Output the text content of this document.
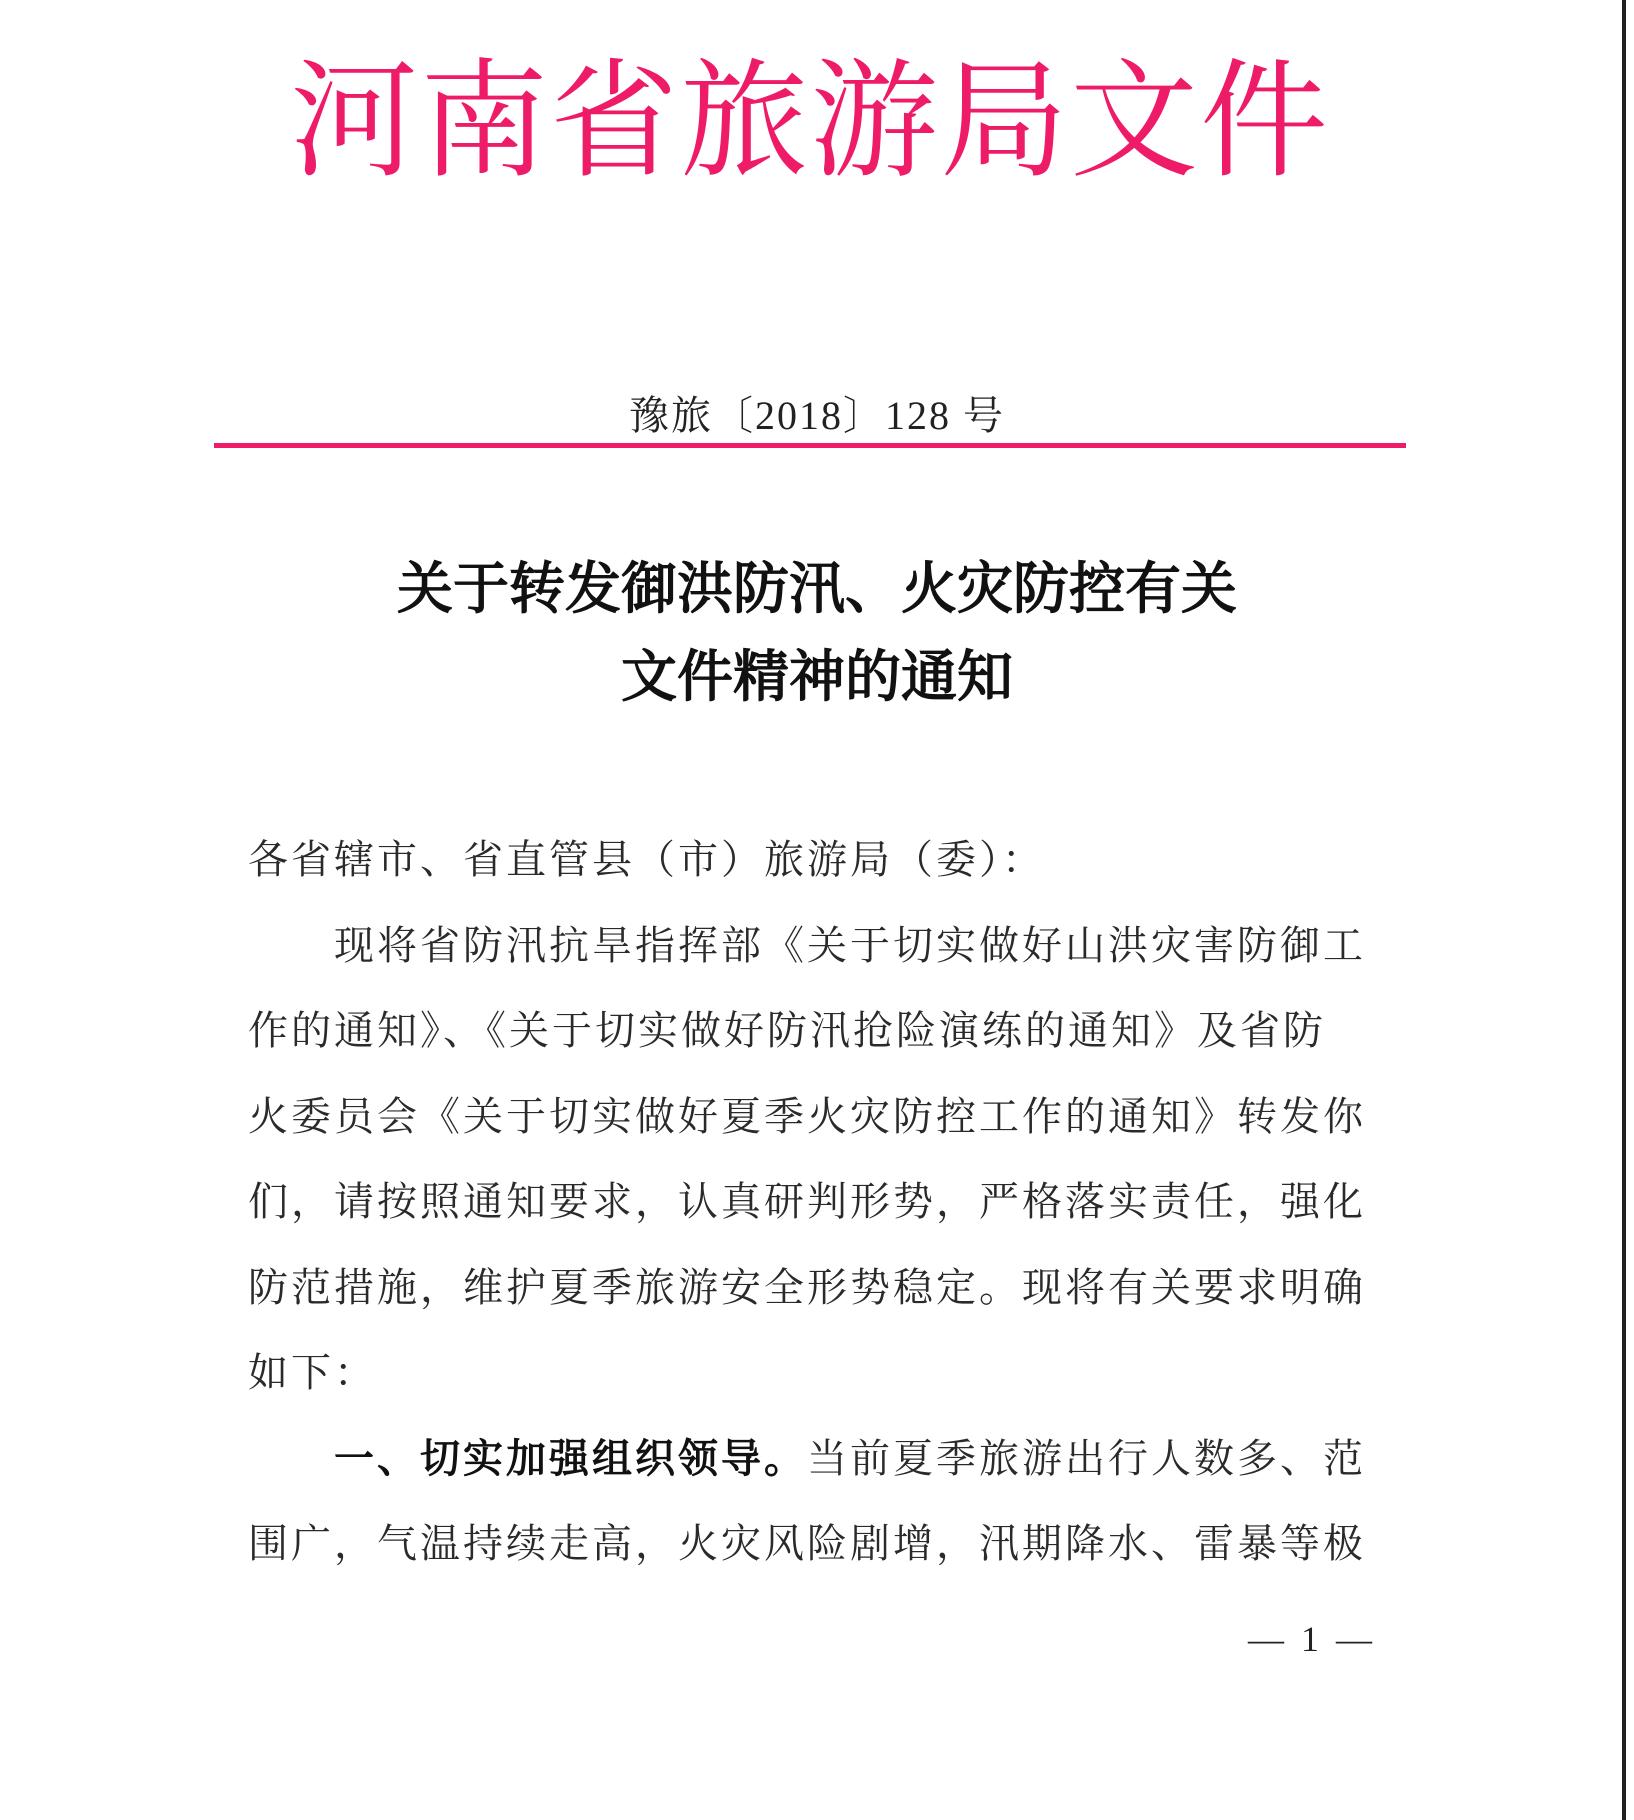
河南省旅游局文件
豫旅〔2018〕128 号
关于转发御洪防汛、火灾防控有关
文件精神的通知
各省辖市、省直管县（市）旅游局（委）：
　　现将省防汛抗旱指挥部《关于切实做好山洪灾害防御工
作的通知》、《关于切实做好防汛抢险演练的通知》及省防
火委员会《关于切实做好夏季火灾防控工作的通知》转发你
们，请按照通知要求，认真研判形势，严格落实责任，强化
防范措施，维护夏季旅游安全形势稳定。现将有关要求明确
如下：
　　一、切实加强组织领导。当前夏季旅游出行人数多、范
围广，气温持续走高，火灾风险剧增，汛期降水、雷暴等极
— 1 —
